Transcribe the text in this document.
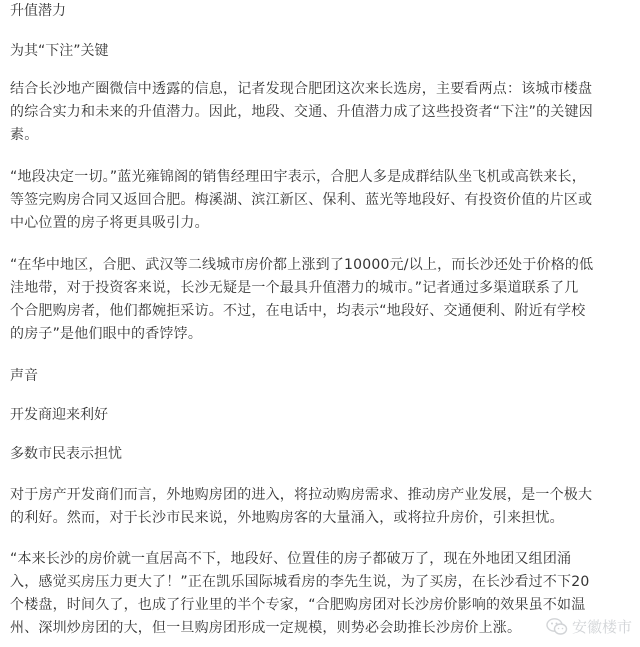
升值潜力
为其“下注”关键
结合长沙地产圈微信中透露的信息，记者发现合肥团这次来长选房，主要看两点：该城市楼盘
的综合实力和未来的升值潜力。因此，地段、交通、升值潜力成了这些投资者“下注”的关键因
素。
“地段决定一切。”蓝光雍锦阁的销售经理田宇表示，合肥人多是成群结队坐飞机或高铁来长，
等签完购房合同又返回合肥。梅溪湖、滨江新区、保利、蓝光等地段好、有投资价值的片区或
中心位置的房子将更具吸引力。
“在华中地区，合肥、武汉等二线城市房价都上涨到了10000元/以上，而长沙还处于价格的低
洼地带，对于投资客来说，长沙无疑是一个最具升值潜力的城市。”记者通过多渠道联系了几
个合肥购房者，他们都婉拒采访。不过，在电话中，均表示“地段好、交通便利、附近有学校
的房子”是他们眼中的香饽饽。
声音
开发商迎来利好
多数市民表示担忧
对于房产开发商们而言，外地购房团的进入，将拉动购房需求、推动房产业发展，是一个极大
的利好。然而，对于长沙市民来说，外地购房客的大量涌入，或将拉升房价，引来担忧。
“本来长沙的房价就一直居高不下，地段好、位置佳的房子都破万了，现在外地团又组团涌
入，感觉买房压力更大了！”正在凯乐国际城看房的李先生说，为了买房，在长沙看过不下20
个楼盘，时间久了，也成了行业里的半个专家，“合肥购房团对长沙房价影响的效果虽不如温
州、深圳炒房团的大，但一旦购房团形成一定规模，则势必会助推长沙房价上涨。	安徽楼市
